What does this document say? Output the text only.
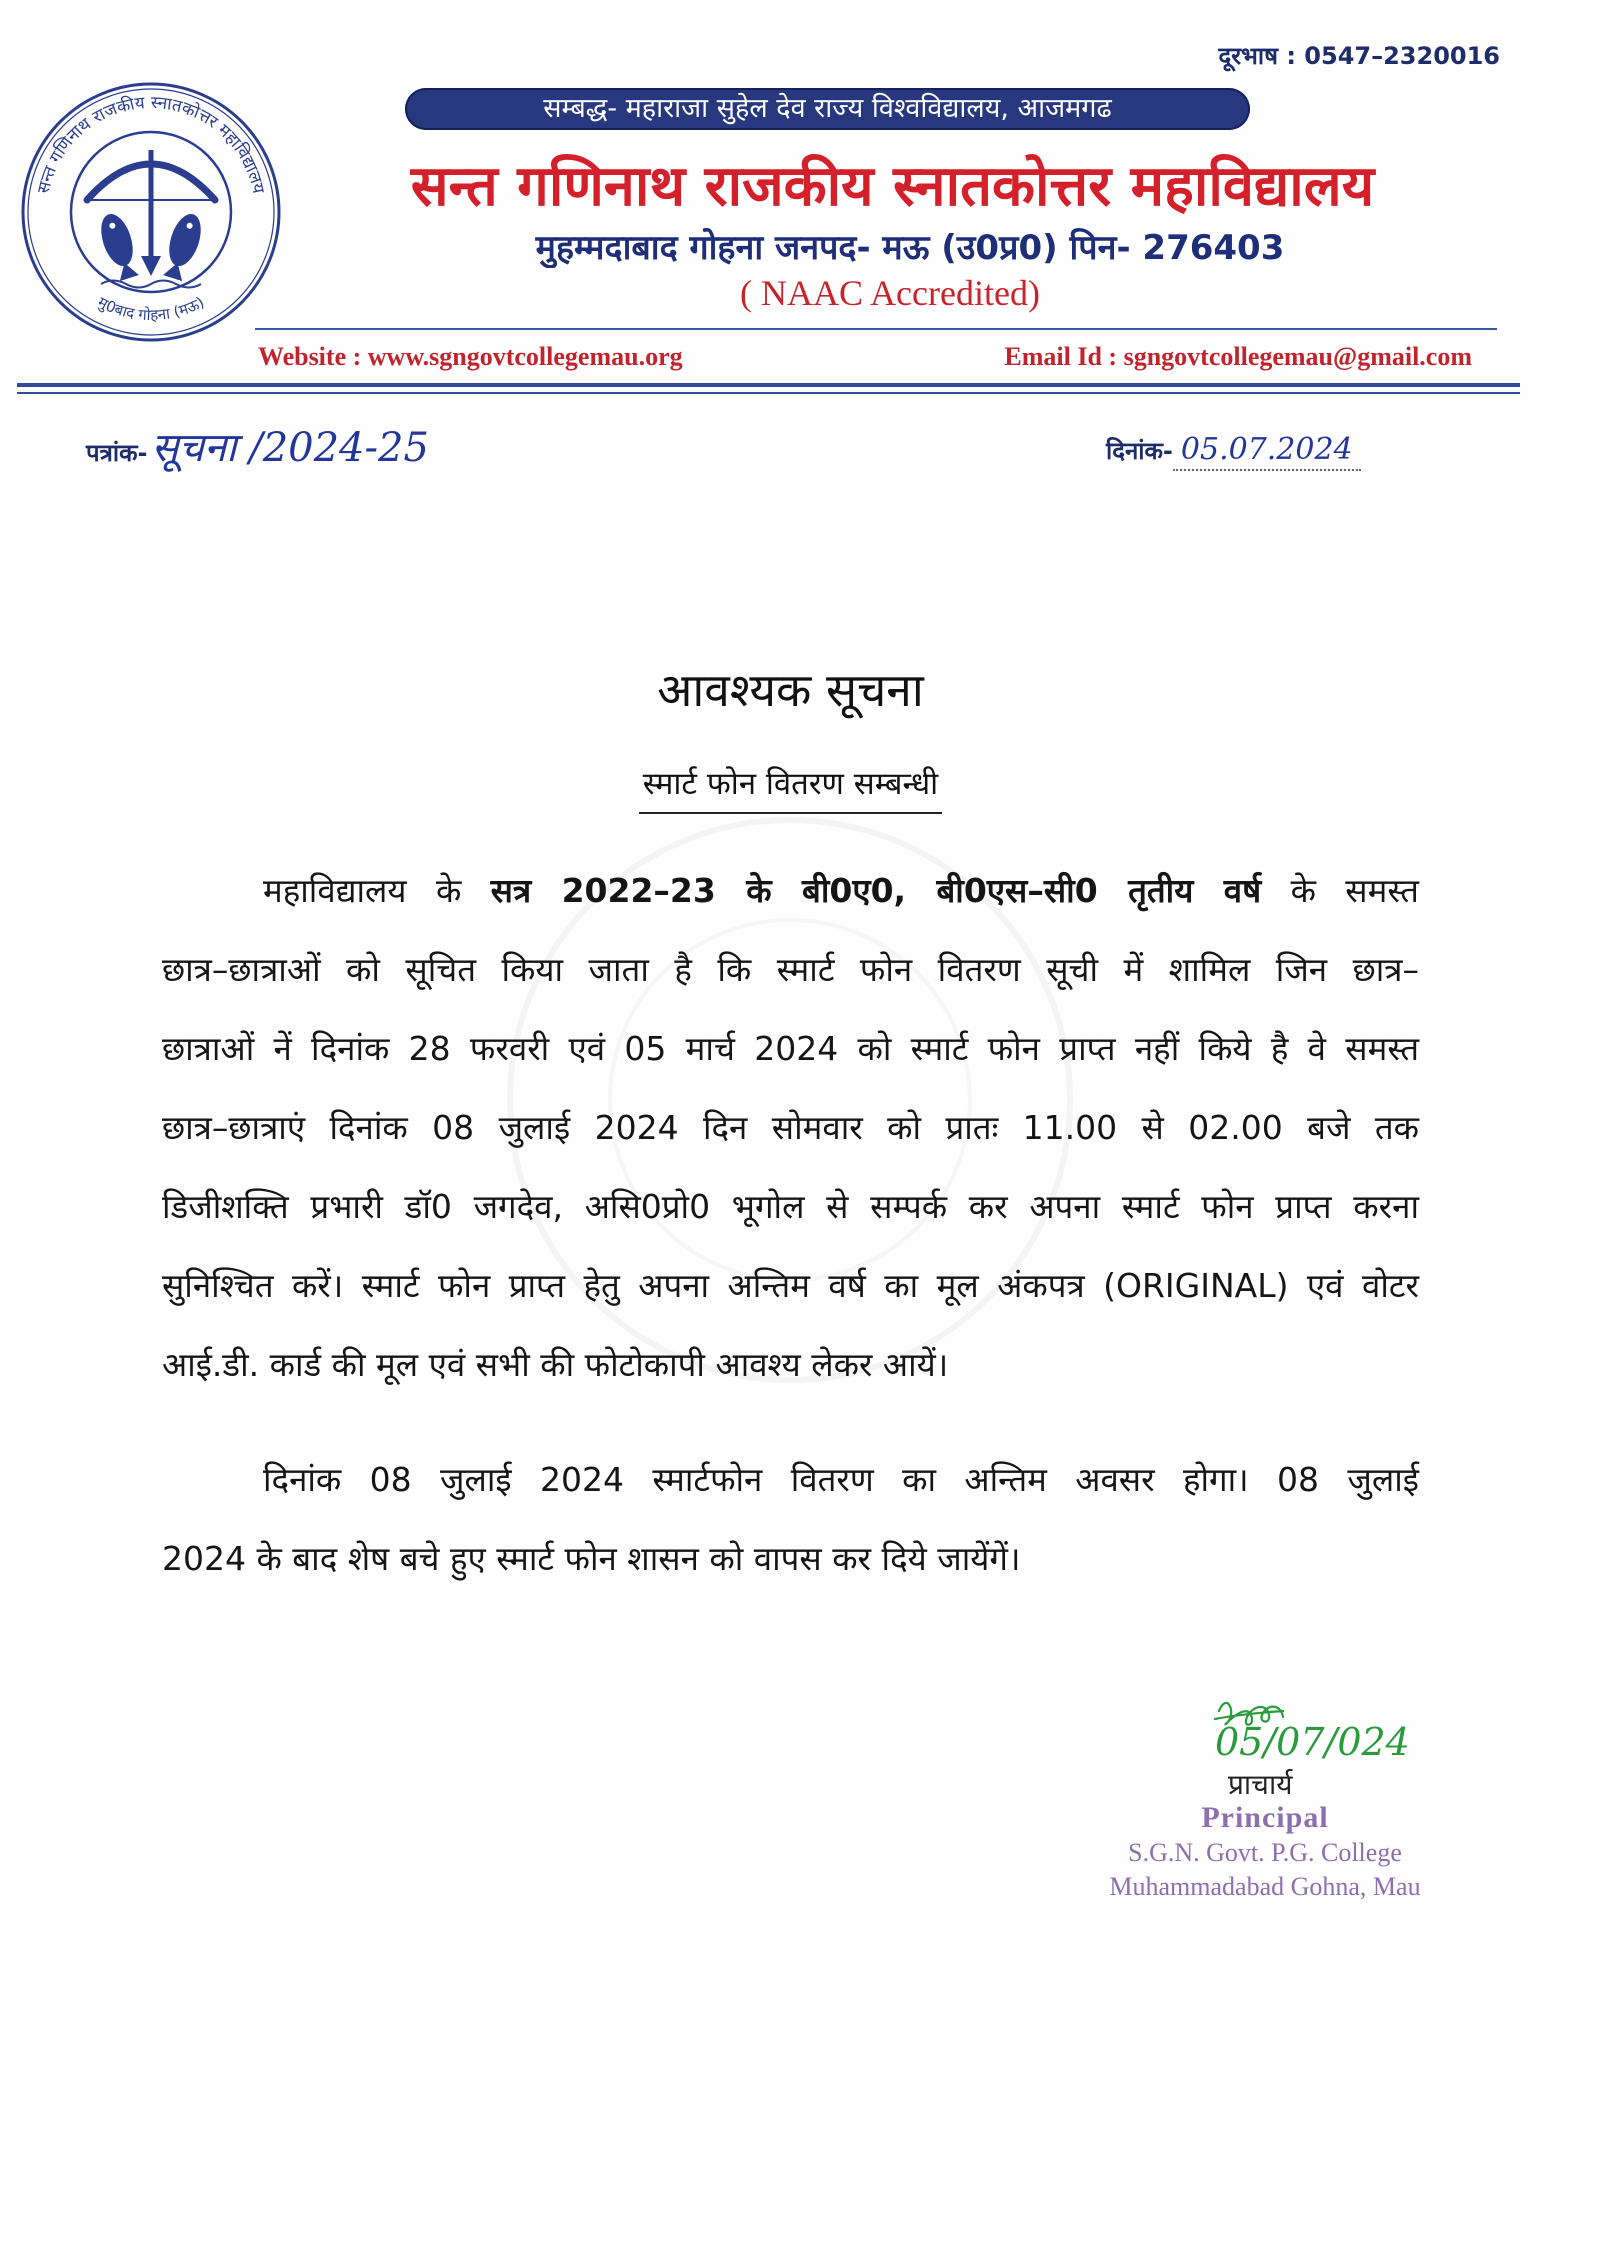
दूरभाष : 0547–2320016
सन्त गणिनाथ राजकीय स्नातकोत्तर महाविद्यालय
मु0बाद गोहना (मऊ)
सम्बद्ध- महाराजा सुहेल देव राज्य विश्वविद्यालय, आजमगढ
सन्त गणिनाथ राजकीय स्नातकोत्तर महाविद्यालय
मुहम्मदाबाद गोहना जनपद- मऊ (उ0प्र0) पिन- 276403
( NAAC Accredited)
Website : www.sgngovtcollegemau.org	Email Id : sgngovtcollegemau@gmail.com
पत्रांक- सूचना /2024-25	दिनांक- 05.07.2024
आवश्यक सूचना
स्मार्ट फोन वितरण सम्बन्धी
महाविद्यालय के सत्र 2022–23 के बी0ए0, बी0एस–सी0 तृतीय वर्ष के समस्त
छात्र–छात्राओं को सूचित किया जाता है कि स्मार्ट फोन वितरण सूची में शामिल जिन छात्र–
छात्राओं नें दिनांक 28 फरवरी एवं 05 मार्च 2024 को स्मार्ट फोन प्राप्त नहीं किये है वे समस्त
छात्र–छात्राएं दिनांक 08 जुलाई 2024 दिन सोमवार को प्रातः 11.00 से 02.00 बजे तक
डिजीशक्ति प्रभारी डॉ0 जगदेव, असि0प्रो0 भूगोल से सम्पर्क कर अपना स्मार्ट फोन प्राप्त करना
सुनिश्चित करें। स्मार्ट फोन प्राप्त हेतु अपना अन्तिम वर्ष का मूल अंकपत्र (ORIGINAL) एवं वोटर
आई.डी. कार्ड की मूल एवं सभी की फोटोकापी आवश्य लेकर आयें।
दिनांक 08 जुलाई 2024 स्मार्टफोन वितरण का अन्तिम अवसर होगा। 08 जुलाई
2024 के बाद शेष बचे हुए स्मार्ट फोन शासन को वापस कर दिये जायेंगें।
05/07/024
प्राचार्य
Principal
S.G.N. Govt. P.G. College
Muhammadabad Gohna, Mau
